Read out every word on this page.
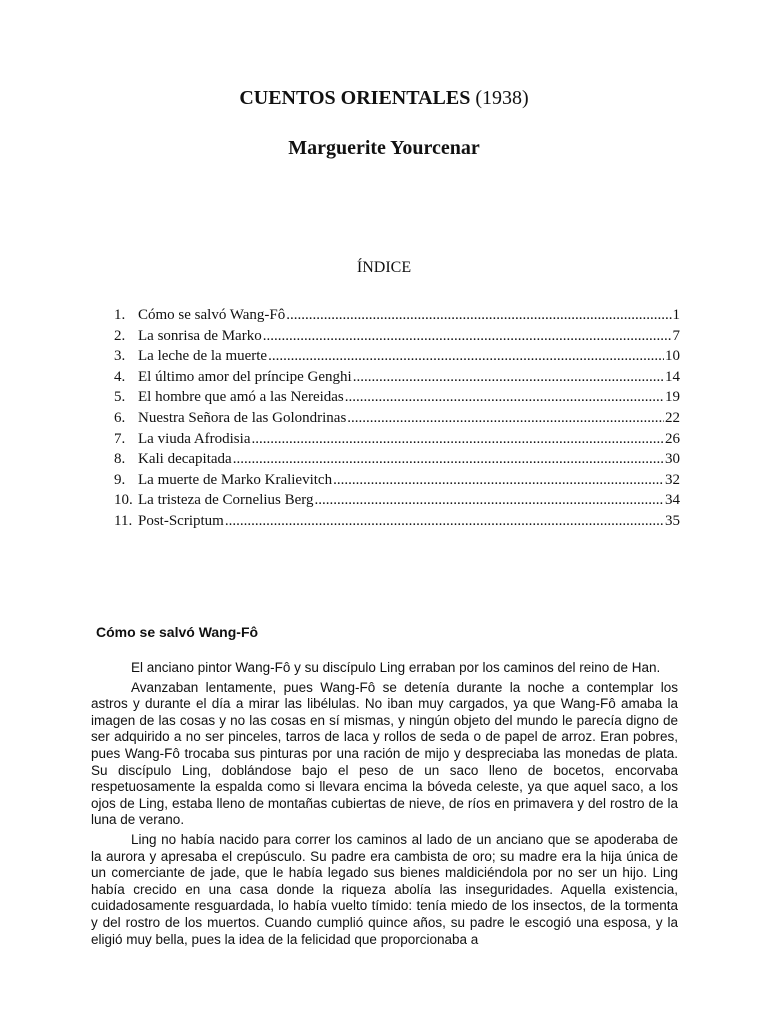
CUENTOS ORIENTALES (1938)
Marguerite Yourcenar
ÍNDICE
1. Cómo se salvó Wang-Fô .....	1
2. La sonrisa de Marko .....	7
3. La leche de la muerte .....	10
4. El último amor del príncipe Genghi .....	14
5. El hombre que amó a las Nereidas .....	19
6. Nuestra Señora de las Golondrinas .....	22
7. La viuda Afrodisia .....	26
8. Kali decapitada .....	30
9. La muerte de Marko Kralievitch .....	32
10. La tristeza de Cornelius Berg .....	34
11. Post-Scriptum .....	35
Cómo se salvó Wang-Fô

El anciano pintor Wang-Fô y su discípulo Ling erraban por los caminos del reino de Han.

Avanzaban lentamente, pues Wang-Fô se detenía durante la noche a contemplar los astros y durante el día a mirar las libélulas. No iban muy cargados, ya que Wang-Fô amaba la imagen de las cosas y no las cosas en sí mismas, y ningún objeto del mundo le parecía digno de ser adquirido a no ser pinceles, tarros de laca y rollos de seda o de papel de arroz. Eran pobres, pues Wang-Fô trocaba sus pinturas por una ración de mijo y despreciaba las monedas de plata. Su discípulo Ling, doblándose bajo el peso de un saco lleno de bocetos, encorvaba respetuosamente la espalda como si llevara encima la bóveda celeste, ya que aquel saco, a los ojos de Ling, estaba lleno de montañas cubiertas de nieve, de ríos en primavera y del rostro de la luna de verano.

Ling no había nacido para correr los caminos al lado de un anciano que se apoderaba de la aurora y apresaba el crepúsculo. Su padre era cambista de oro; su madre era la hija única de un comerciante de jade, que le había legado sus bienes maldiciéndola por no ser un hijo. Ling había crecido en una casa donde la riqueza abolía las inseguridades. Aquella existencia, cuidadosamente resguardada, lo había vuelto tímido: tenía miedo de los insectos, de la tormenta y del rostro de los muertos. Cuando cumplió quince años, su padre le escogió una esposa, y la eligió muy bella, pues la idea de la felicidad que proporcionaba a
